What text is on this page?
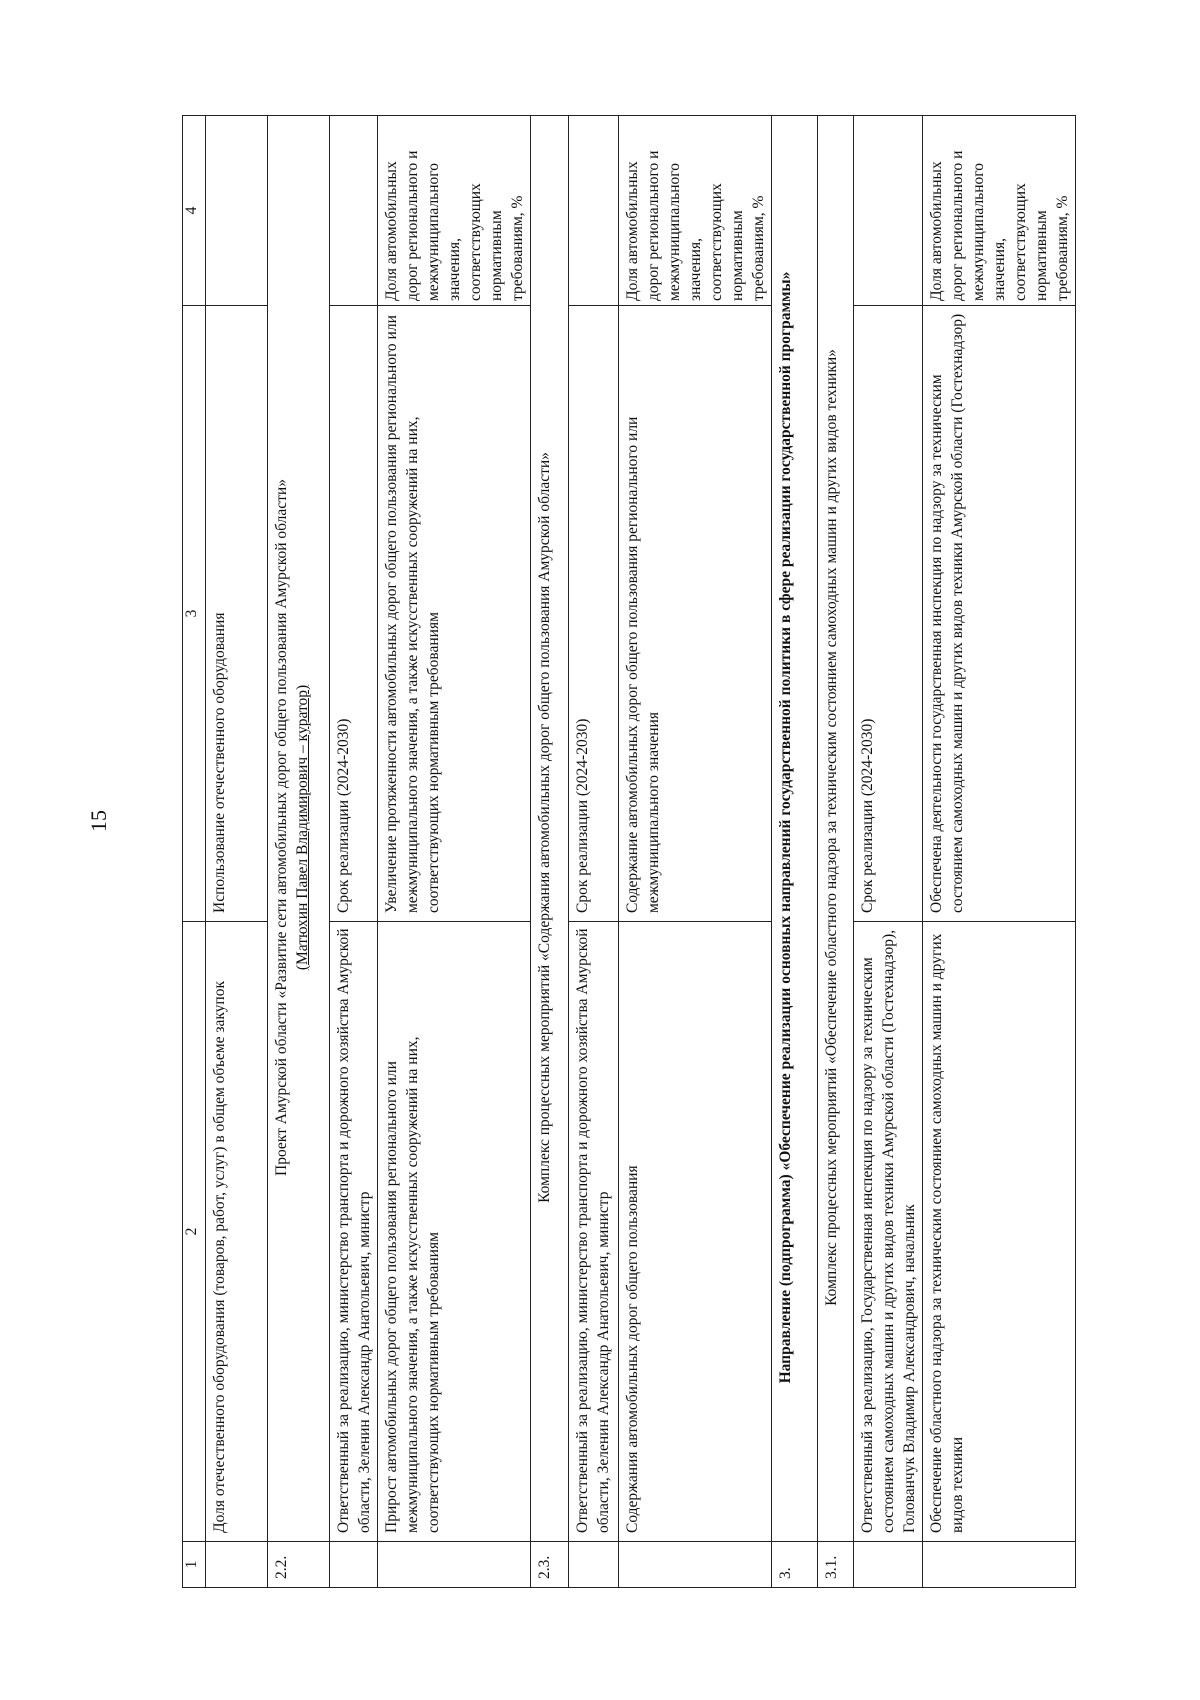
15
1	2	3	4
	Доля отечественного оборудования (товаров, работ, услуг) в общем объеме закупок	Использование отечественного оборудования	
2.2.	Проект Амурской области «Развитие сети автомобильных дорог общего пользования Амурской области» (Матюхин Павел Владимирович – куратор)		

	Ответственный за реализацию, министерство транспорта и дорожного хозяйства Амурской области, Зеленин Александр Анатольевич, министр	Срок реализации (2024-2030)	
	Прирост автомобильных дорог общего пользования регионального или межмуниципального значения, а также искусственных сооружений на них, соответствующих нормативным требованиям	Увеличение протяженности автомобильных дорог общего пользования регионального или межмуниципального значения, а также искусственных сооружений на них, соответствующих нормативным требованиям	Доля автомобильных дорог регионального и межмуниципального значения, соответствующих нормативным требованиям, %
2.3.	Комплекс процессных мероприятий «Содержания автомобильных дорог общего пользования Амурской области»		
	Ответственный за реализацию, министерство транспорта и дорожного хозяйства Амурской области, Зеленин Александр Анатольевич, министр	Срок реализации (2024-2030)	
	Содержания автомобильных дорог общего пользования	Содержание автомобильных дорог общего пользования регионального или межмуниципального значения	Доля автомобильных дорог регионального и межмуниципального значения, соответствующих нормативным требованиям, %
3.	Направление (подпрограмма) «Обеспечение реализации основных направлений государственной политики в сфере реализации государственной программы»		
3.1.	Комплекс процессных мероприятий «Обеспечение областного надзора за техническим состоянием самоходных машин и других видов техники»		
	Ответственный за реализацию, Государственная инспекция по надзору за техническим состоянием самоходных машин и других видов техники Амурской области (Гостехнадзор), Голованчук Владимир Александрович, начальник	Срок реализации (2024-2030)	
	Обеспечение областного надзора за техническим состоянием самоходных машин и других видов техники	Обеспечена деятельности государственная инспекция по надзору за техническим состоянием самоходных машин и других видов техники Амурской области (Гостехнадзор)	Доля автомобильных дорог регионального и межмуниципального значения, соответствующих нормативным требованиям, %
